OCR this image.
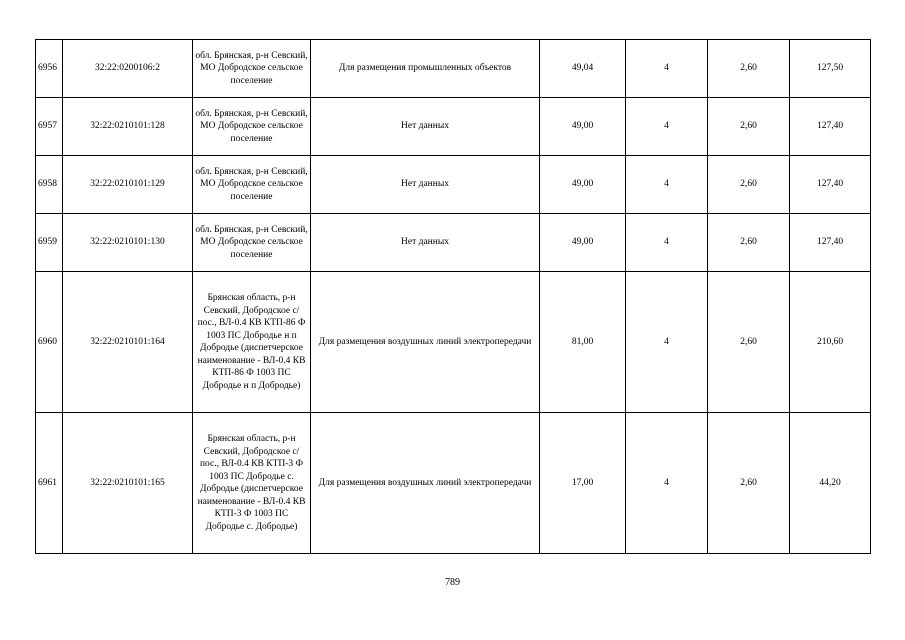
6956	32:22:0200106:2	обл. Брянская, р-н Севский, МО Добродское сельское поселение	Для размещения промышленных объектов	49,04	4	2,60	127,50
6957	32:22:0210101:128	обл. Брянская, р-н Севский, МО Добродское сельское поселение	Нет данных	49,00	4	2,60	127,40
6958	32:22:0210101:129	обл. Брянская, р-н Севский, МО Добродское сельское поселение	Нет данных	49,00	4	2,60	127,40
6959	32:22:0210101:130	обл. Брянская, р-н Севский, МО Добродское сельское поселение	Нет данных	49,00	4	2,60	127,40
6960	32:22:0210101:164	Брянская область, р-н Севский, Добродское с/пос., ВЛ-0.4 КВ КТП-86 Ф 1003 ПС Добродье н п Добродье (диспетчерское наименование - ВЛ-0.4 КВ КТП-86 Ф 1003 ПС Добродье н п Добродье)	Для размещения воздушных линий электропередачи	81,00	4	2,60	210,60
6961	32:22:0210101:165	Брянская область, р-н Севский, Добродское с/пос., ВЛ-0.4 КВ КТП-3 Ф 1003 ПС Добродье с. Добродье (диспетчерское наименование - ВЛ-0.4 КВ КТП-3 Ф 1003 ПС Добродье с. Добродье)	Для размещения воздушных линий электропередачи	17,00	4	2,60	44,20
789
